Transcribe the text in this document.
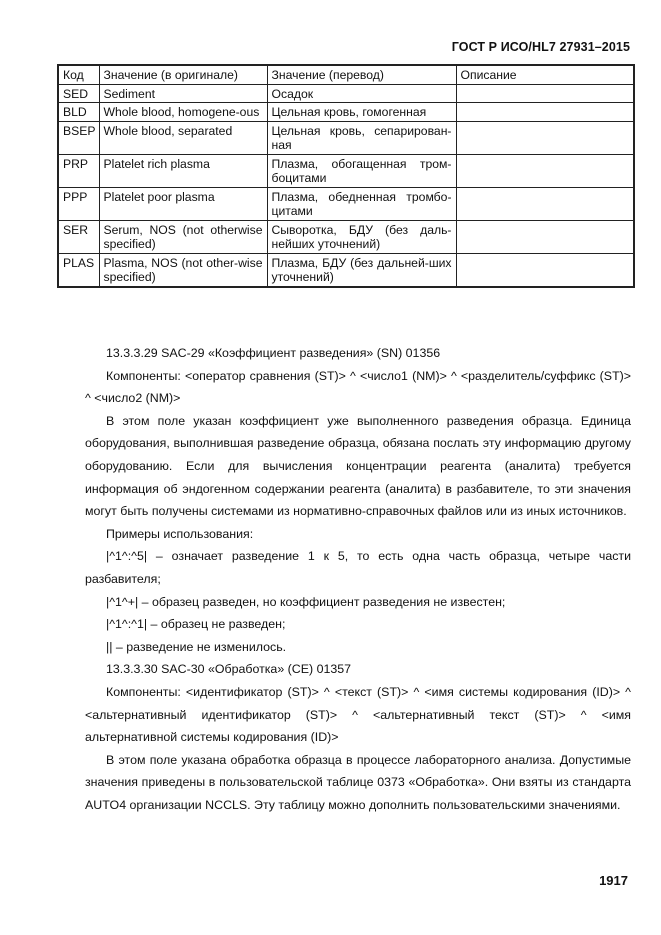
ГОСТ Р ИСО/HL7 27931–2015
Код	Значение (в оригинале)	Значение (перевод)	Описание
SED	Sediment	Осадок	
BLD	Whole blood, homogene-ous	Цельная кровь, гомогенная	
BSEP	Whole blood, separated	Цельная кровь, сепарирован-ная	
PRP	Platelet rich plasma	Плазма, обогащенная тром-боцитами	
PPP	Platelet poor plasma	Плазма, обедненная тромбо-цитами	
SER	Serum, NOS (not otherwise specified)	Сыворотка, БДУ (без даль-нейших уточнений)	
PLAS	Plasma, NOS (not other-wise specified)	Плазма, БДУ (без дальней-ших уточнений)	

13.3.3.29 SAC-29 «Коэффициент разведения» (SN) 01356

Компоненты: <оператор сравнения (ST)> ^ <число1 (NM)> ^ <разделитель/суффикс (ST)> ^ <число2 (NM)>

В этом поле указан коэффициент уже выполненного разведения образца. Единица оборудования, выполнившая разведение образца, обязана послать эту информацию другому оборудованию. Если для вычисления концентрации реагента (аналита) требуется информация об эндогенном содержании реагента (аналита) в разбавителе, то эти значения могут быть получены системами из нормативно-справочных файлов или из иных источников.

Примеры использования:

|^1^:^5| – означает разведение 1 к 5, то есть одна часть образца, четыре части разбавителя;

|^1^+| – образец разведен, но коэффициент разведения не известен;

|^1^:^1| – образец не разведен;

|| – разведение не изменилось.

13.3.3.30 SAC-30 «Обработка» (CE) 01357

Компоненты: <идентификатор (ST)> ^ <текст (ST)> ^ <имя системы кодирования (ID)> ^ <альтернативный идентификатор (ST)> ^ <альтернативный текст (ST)> ^ <имя альтернативной системы кодирования (ID)>

В этом поле указана обработка образца в процессе лабораторного анализа. Допустимые значения приведены в пользовательской таблице 0373 «Обработка». Они взяты из стандарта AUTO4 организации NCCLS. Эту таблицу можно дополнить пользовательскими значениями.

1917
